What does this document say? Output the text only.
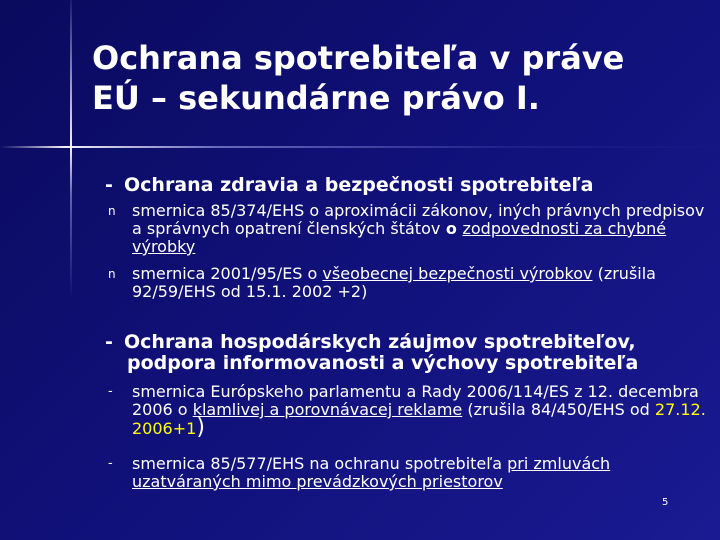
Ochrana spotrebiteľa v práve
EÚ – sekundárne právo I.
- Ochrana zdravia a bezpečnosti spotrebiteľa
n	smernica 85/374/EHS o aproximácii zákonov, iných právnych predpisov a správnych opatrení členských štátov o zodpovednosti za chybné výrobky
n	smernica 2001/95/ES o všeobecnej bezpečnosti výrobkov (zrušila 92/59/EHS od 15.1. 2002 +2)
- Ochrana hospodárskych záujmov spotrebiteľov, podpora informovanosti a výchovy spotrebiteľa
-	smernica Európskeho parlamentu a Rady 2006/114/ES z 12. decembra 2006 o klamlivej a porovnávacej reklame (zrušila 84/450/EHS od 27.12. 2006+1)
-	smernica 85/577/EHS na ochranu spotrebiteľa pri zmluvách uzatváraných mimo prevádzkových priestorov
5
